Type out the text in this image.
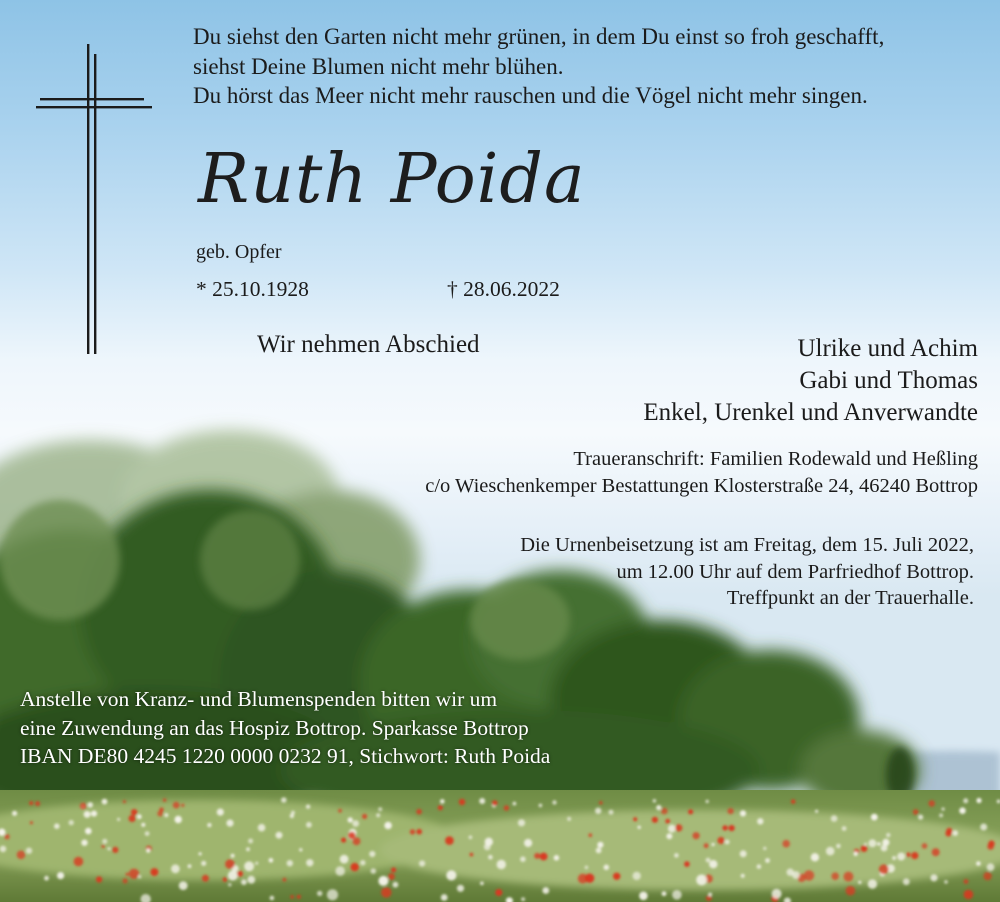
Du siehst den Garten nicht mehr grünen, in dem Du einst so froh geschafft,
siehst Deine Blumen nicht mehr blühen.
Du hörst das Meer nicht mehr rauschen und die Vögel nicht mehr singen.

Ruth Poida

geb. Opfer

* 25.10.1928	† 28.06.2022

Wir nehmen Abschied	Ulrike und Achim
Gabi und Thomas
Enkel, Urenkel und Anverwandte

Traueranschrift: Familien Rodewald und Heßling
c/o Wieschenkemper Bestattungen Klosterstraße 24, 46240 Bottrop

Die Urnenbeisetzung ist am Freitag, dem 15. Juli 2022,
um 12.00 Uhr auf dem Parfriedhof Bottrop.
Treffpunkt an der Trauerhalle.

Anstelle von Kranz- und Blumenspenden bitten wir um
eine Zuwendung an das Hospiz Bottrop. Sparkasse Bottrop
IBAN DE80 4245 1220 0000 0232 91, Stichwort: Ruth Poida
